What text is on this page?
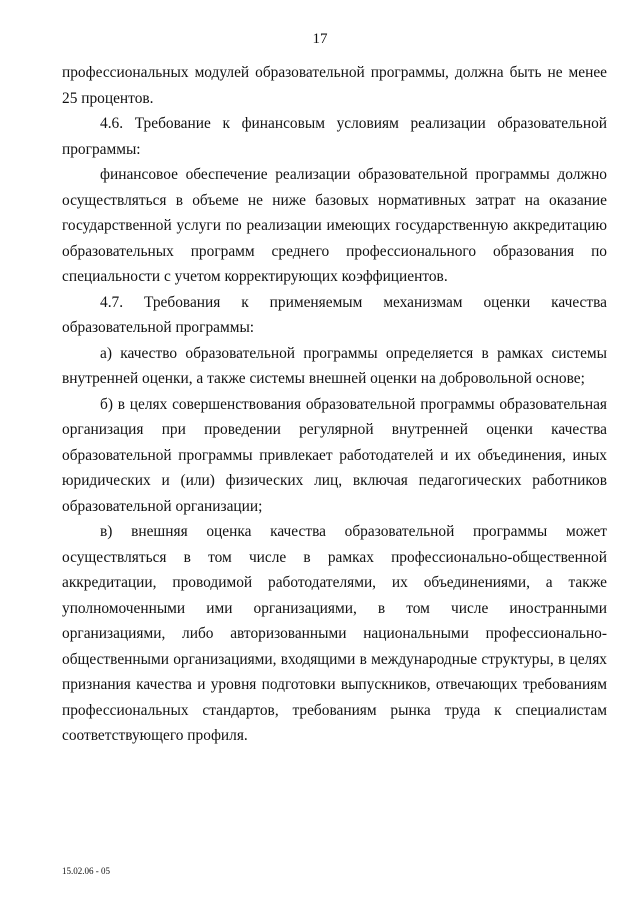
17

профессиональных модулей образовательной программы, должна быть не менее 25 процентов.

4.6. Требование к финансовым условиям реализации образовательной программы:

финансовое обеспечение реализации образовательной программы должно осуществляться в объеме не ниже базовых нормативных затрат на оказание государственной услуги по реализации имеющих государственную аккредитацию образовательных программ среднего профессионального образования по специальности с учетом корректирующих коэффициентов.

4.7. Требования к применяемым механизмам оценки качества образовательной программы:

а) качество образовательной программы определяется в рамках системы внутренней оценки, а также системы внешней оценки на добровольной основе;

б) в целях совершенствования образовательной программы образовательная организация при проведении регулярной внутренней оценки качества образовательной программы привлекает работодателей и их объединения, иных юридических и (или) физических лиц, включая педагогических работников образовательной организации;

в) внешняя оценка качества образовательной программы может осуществляться в том числе в рамках профессионально-общественной аккредитации, проводимой работодателями, их объединениями, а также уполномоченными ими организациями, в том числе иностранными организациями, либо авторизованными национальными профессионально-общественными организациями, входящими в международные структуры, в целях признания качества и уровня подготовки выпускников, отвечающих требованиям профессиональных стандартов, требованиям рынка труда к специалистам соответствующего профиля.

15.02.06 - 05
